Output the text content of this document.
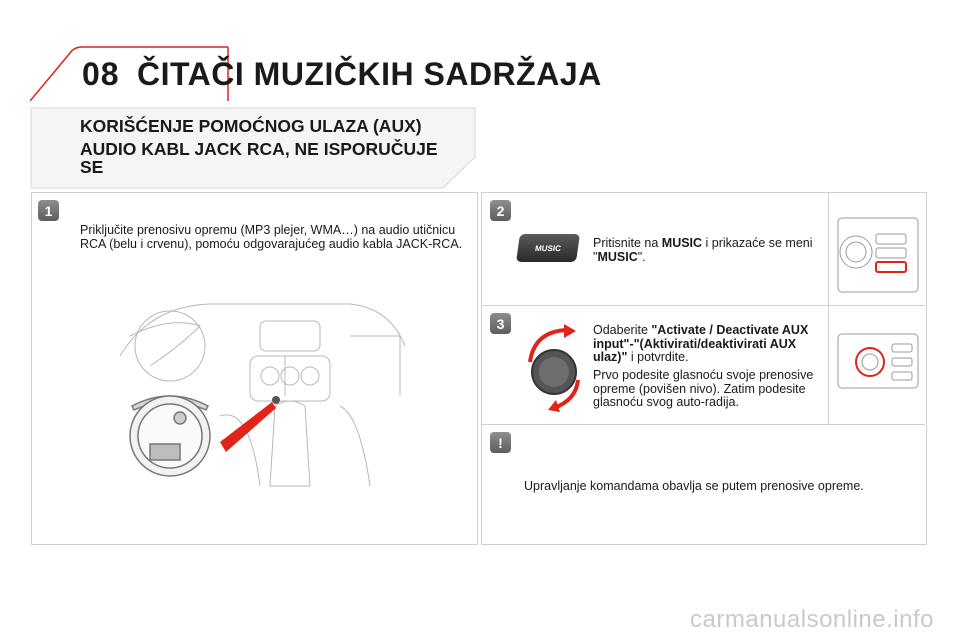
08 ČITAČI MUZIČKIH SADRŽAJA
KORIŠĆENJE POMOĆNOG ULAZA (AUX)
AUDIO KABL JACK RCA, NE ISPORUČUJE SE
1
Priključite prenosivu opremu (MP3 plejer, WMA…) na audio utičnicu RCA (belu i crvenu), pomoću odgovarajućeg audio kabla JACK-RCA.
2
MUSIC	Pritisnite na MUSIC i prikazaće se meni "MUSIC".
3	Odaberite "Activate / Deactivate AUX input"-"(Aktivirati/deaktivirati AUX ulaz)" i potvrdite.
Prvo podesite glasnoću svoje prenosive opreme (povišen nivo). Zatim podesite glasnoću svog auto-radija.
!
Upravljanje komandama obavlja se putem prenosive opreme.
carmanualsonline.info
